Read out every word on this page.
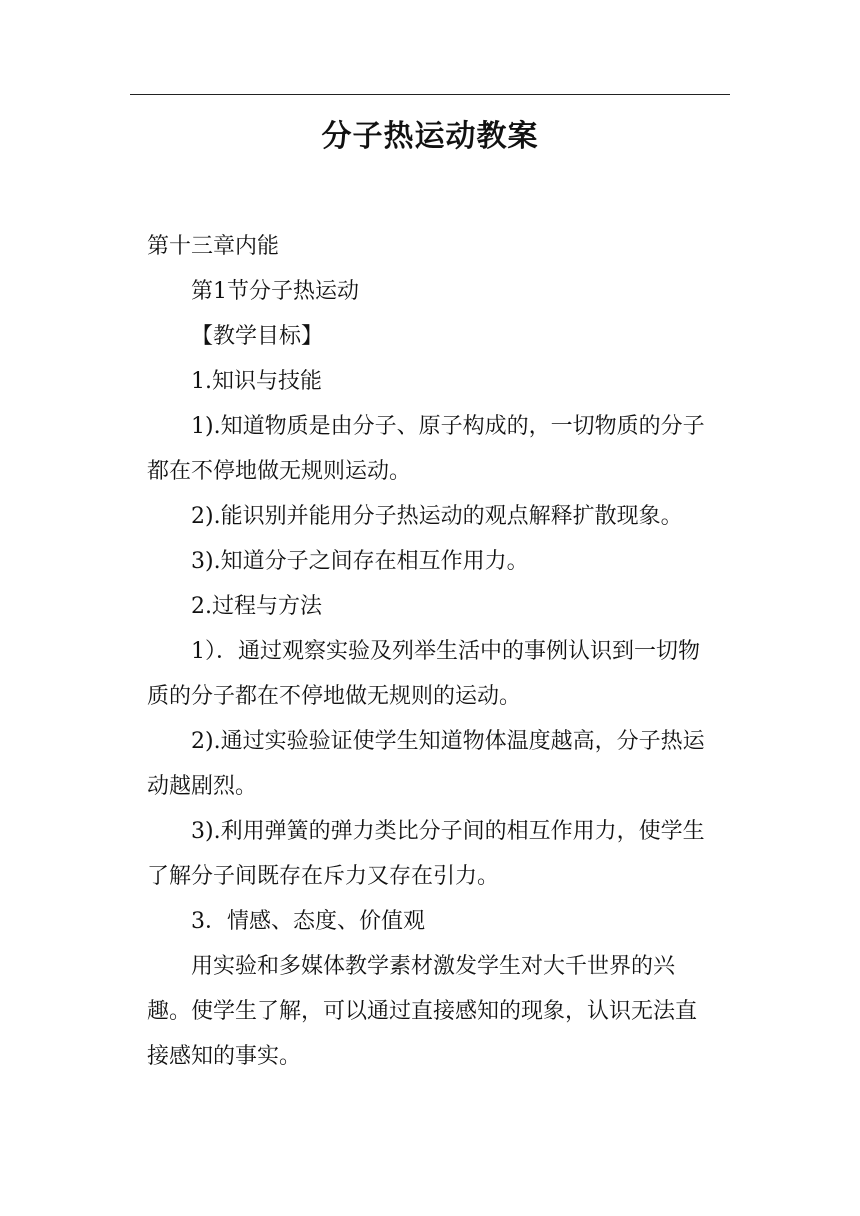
分子热运动教案

第十三章内能

第1节分子热运动

【教学目标】

1.知识与技能

1).知道物质是由分子、原子构成的，一切物质的分子都在不停地做无规则运动。

2).能识别并能用分子热运动的观点解释扩散现象。

3).知道分子之间存在相互作用力。

2.过程与方法

1）．通过观察实验及列举生活中的事例认识到一切物质的分子都在不停地做无规则的运动。

2).通过实验验证使学生知道物体温度越高，分子热运动越剧烈。

3).利用弹簧的弹力类比分子间的相互作用力，使学生了解分子间既存在斥力又存在引力。

3．情感、态度、价值观

用实验和多媒体教学素材激发学生对大千世界的兴趣。使学生了解，可以通过直接感知的现象，认识无法直接感知的事实。
